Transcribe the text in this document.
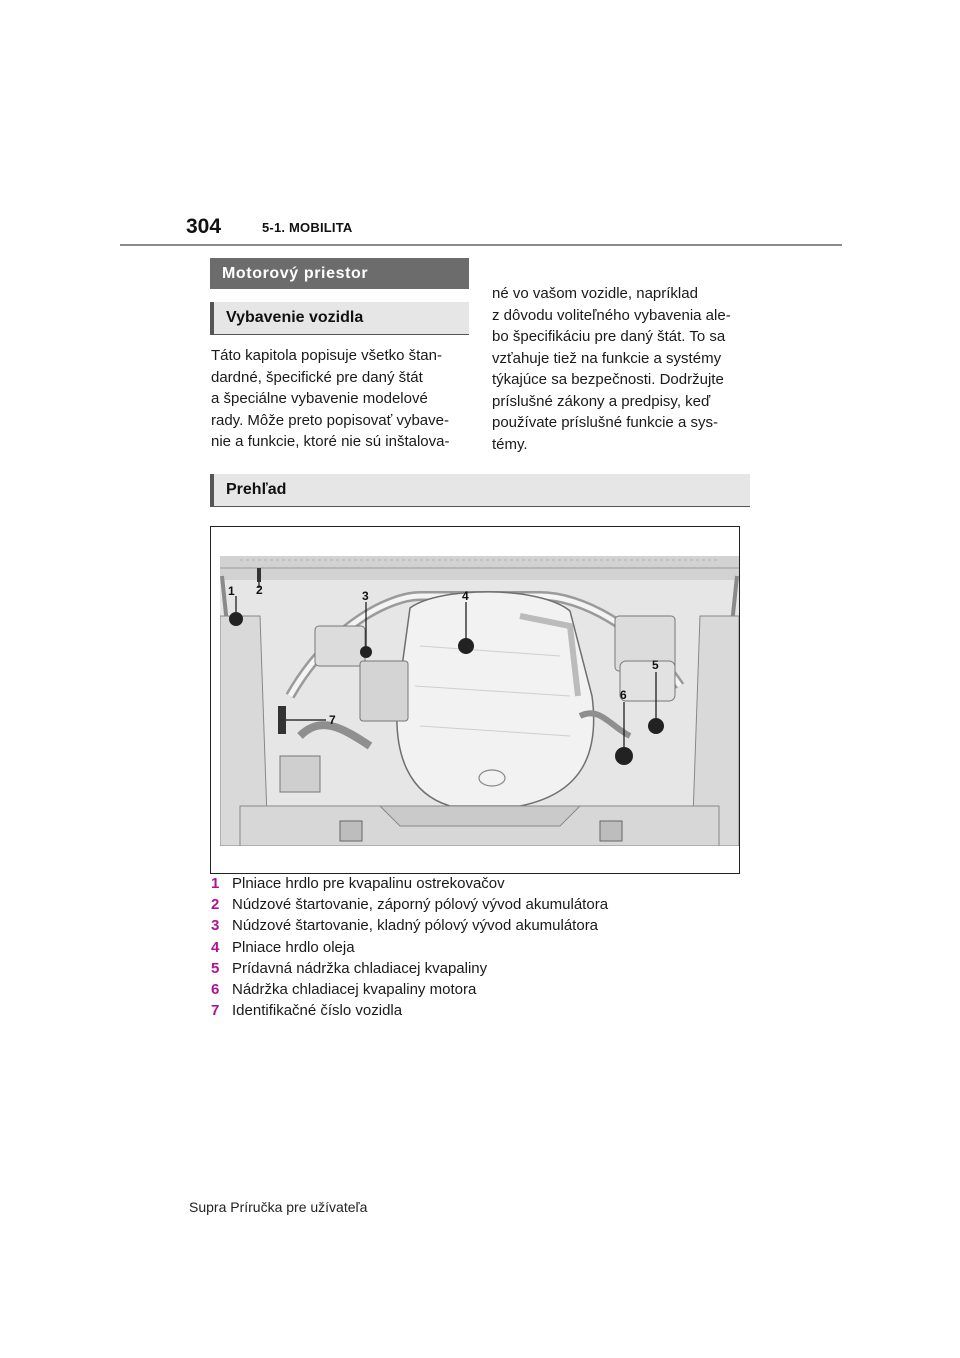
304	5-1. MOBILITA
Motorový priestor
Vybavenie vozidla
Táto kapitola popisuje všetko štan-
dardné, špecifické pre daný štát
a špeciálne vybavenie modelové
rady. Môže preto popisovať vybave-
nie a funkcie, ktoré nie sú inštalova-
né vo vašom vozidle, napríklad
z dôvodu voliteľného vybavenia ale-
bo špecifikáciu pre daný štát. To sa
vzťahuje tiež na funkcie a systémy
týkajúce sa bezpečnosti. Dodržujte
príslušné zákony a predpisy, keď
používate príslušné funkcie a sys-
témy.
Prehľad
1 2	3	4
5
6
7
1 Plniace hrdlo pre kvapalinu ostrekovačov
2 Núdzové štartovanie, záporný pólový vývod akumulátora
3 Núdzové štartovanie, kladný pólový vývod akumulátora
4 Plniace hrdlo oleja
5 Prídavná nádržka chladiacej kvapaliny
6 Nádržka chladiacej kvapaliny motora
7 Identifikačné číslo vozidla
Supra Príručka pre užívateľa
